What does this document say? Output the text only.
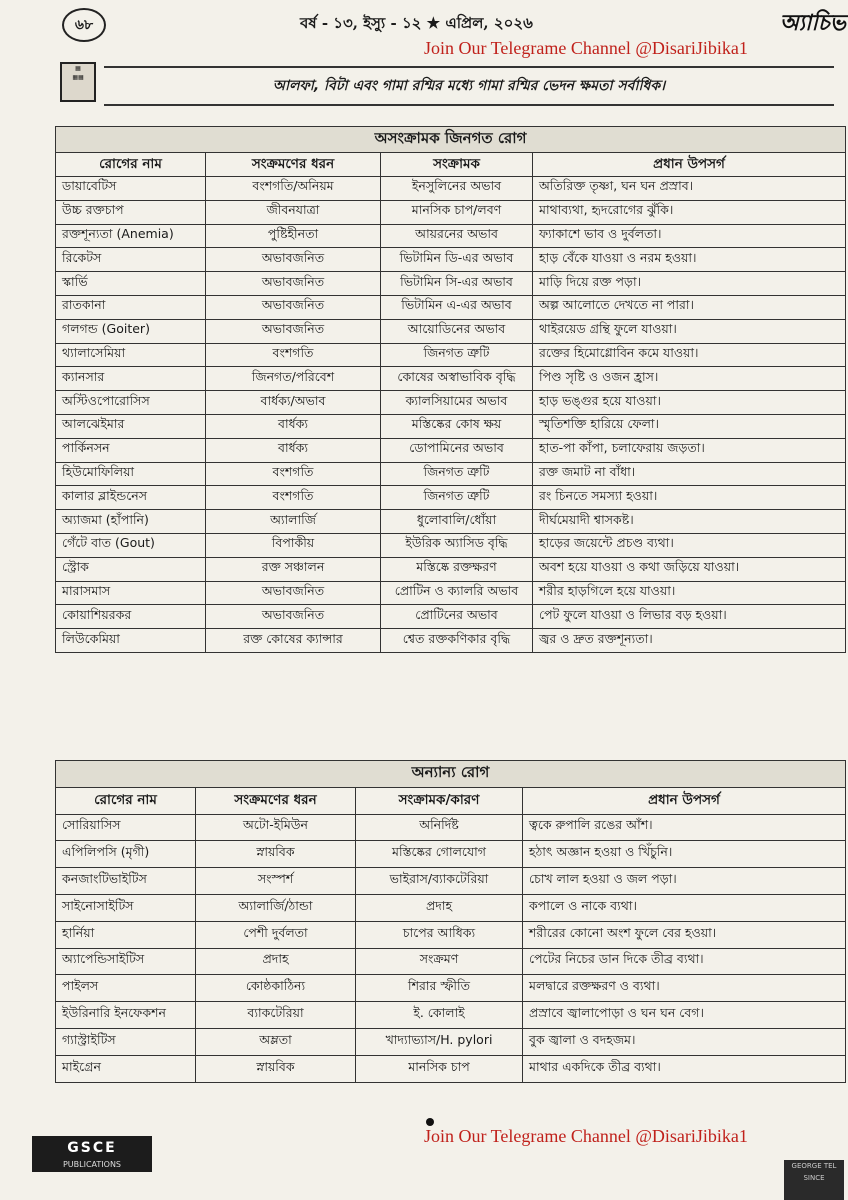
৬৮	বর্ষ - ১৩, ইস্যু - ১২ ★ এপ্রিল, ২০২৬	অ্যাচিভ
Join Our Telegrame Channel @DisariJibika1
▦
▦▦
আলফা, বিটা এবং গামা রশ্মির মধ্যে গামা রশ্মির ভেদন ক্ষমতা সর্বাধিক।
অসংক্রামক জিনগত রোগ			
রোগের নাম	সংক্রমণের ধরন	সংক্রামক	প্রধান উপসর্গ
ডায়াবেটিস	বংশগতি/অনিয়ম	ইনসুলিনের অভাব	অতিরিক্ত তৃষ্ণা, ঘন ঘন প্রস্রাব।
উচ্চ রক্তচাপ	জীবনযাত্রা	মানসিক চাপ/লবণ	মাথাব্যথা, হৃদরোগের ঝুঁকি।
রক্তশূন্যতা (Anemia)	পুষ্টিহীনতা	আয়রনের অভাব	ফ্যাকাশে ভাব ও দুর্বলতা।
রিকেটস	অভাবজনিত	ভিটামিন ডি-এর অভাব	হাড় বেঁকে যাওয়া ও নরম হওয়া।
স্কার্ভি	অভাবজনিত	ভিটামিন সি-এর অভাব	মাড়ি দিয়ে রক্ত পড়া।
রাতকানা	অভাবজনিত	ভিটামিন এ-এর অভাব	অল্প আলোতে দেখতে না পারা।
গলগন্ড (Goiter)	অভাবজনিত	আয়োডিনের অভাব	থাইরয়েড গ্রন্থি ফুলে যাওয়া।
থ্যালাসেমিয়া	বংশগতি	জিনগত ত্রুটি	রক্তের হিমোগ্লোবিন কমে যাওয়া।
ক্যানসার	জিনগত/পরিবেশ	কোষের অস্বাভাবিক বৃদ্ধি	পিণ্ড সৃষ্টি ও ওজন হ্রাস।
অস্টিওপোরোসিস	বার্ধক্য/অভাব	ক্যালসিয়ামের অভাব	হাড় ভঙ্গুর হয়ে যাওয়া।
আলঝেইমার	বার্ধক্য	মস্তিষ্কের কোষ ক্ষয়	স্মৃতিশক্তি হারিয়ে ফেলা।
পার্কিনসন	বার্ধক্য	ডোপামিনের অভাব	হাত-পা কাঁপা, চলাফেরায় জড়তা।
হিউমোফিলিয়া	বংশগতি	জিনগত ত্রুটি	রক্ত জমাট না বাঁধা।
কালার ব্লাইন্ডনেস	বংশগতি	জিনগত ত্রুটি	রং চিনতে সমস্যা হওয়া।
অ্যাজমা (হাঁপানি)	অ্যালার্জি	ধুলোবালি/ধোঁয়া	দীর্ঘমেয়াদী শ্বাসকষ্ট।
গেঁটে বাত (Gout)	বিপাকীয়	ইউরিক অ্যাসিড বৃদ্ধি	হাড়ের জয়েন্টে প্রচণ্ড ব্যথা।
স্ট্রোক	রক্ত সঞ্চালন	মস্তিষ্কে রক্তক্ষরণ	অবশ হয়ে যাওয়া ও কথা জড়িয়ে যাওয়া।
মারাসমাস	অভাবজনিত	প্রোটিন ও ক্যালরি অভাব	শরীর হাড়গিলে হয়ে যাওয়া।
কোয়াশিয়রকর	অভাবজনিত	প্রোটিনের অভাব	পেট ফুলে যাওয়া ও লিভার বড় হওয়া।
লিউকেমিয়া	রক্ত কোষের ক্যান্সার	শ্বেত রক্তকণিকার বৃদ্ধি	জ্বর ও দ্রুত রক্তশূন্যতা।
অন্যান্য রোগ			
রোগের নাম	সংক্রমণের ধরন	সংক্রামক/কারণ	প্রধান উপসর্গ
সোরিয়াসিস	অটো-ইমিউন	অনির্দিষ্ট	ত্বকে রুপালি রঙের আঁশ।
এপিলিপসি (মৃগী)	স্নায়বিক	মস্তিষ্কের গোলযোগ	হঠাৎ অজ্ঞান হওয়া ও খিঁচুনি।
কনজাংটিভাইটিস	সংস্পর্শ	ভাইরাস/ব্যাকটেরিয়া	চোখ লাল হওয়া ও জল পড়া।
সাইনোসাইটিস	অ্যালার্জি/ঠান্ডা	প্রদাহ	কপালে ও নাকে ব্যথা।
হার্নিয়া	পেশী দুর্বলতা	চাপের আধিক্য	শরীরের কোনো অংশ ফুলে বের হওয়া।
অ্যাপেন্ডিসাইটিস	প্রদাহ	সংক্রমণ	পেটের নিচের ডান দিকে তীব্র ব্যথা।
পাইলস	কোষ্ঠকাঠিন্য	শিরার স্ফীতি	মলদ্বারে রক্তক্ষরণ ও ব্যথা।
ইউরিনারি ইনফেকশন	ব্যাকটেরিয়া	ই. কোলাই	প্রস্রাবে জ্বালাপোড়া ও ঘন ঘন বেগ।
গ্যাস্ট্রাইটিস	অম্লতা	খাদ্যাভ্যাস/H. pylori	বুক জ্বালা ও বদহজম।
মাইগ্রেন	স্নায়বিক	মানসিক চাপ	মাথার একদিকে তীব্র ব্যথা।
Join Our Telegrame Channel @DisariJibika1
GSCE
PUBLICATIONS	GEORGE TEL SINCE
